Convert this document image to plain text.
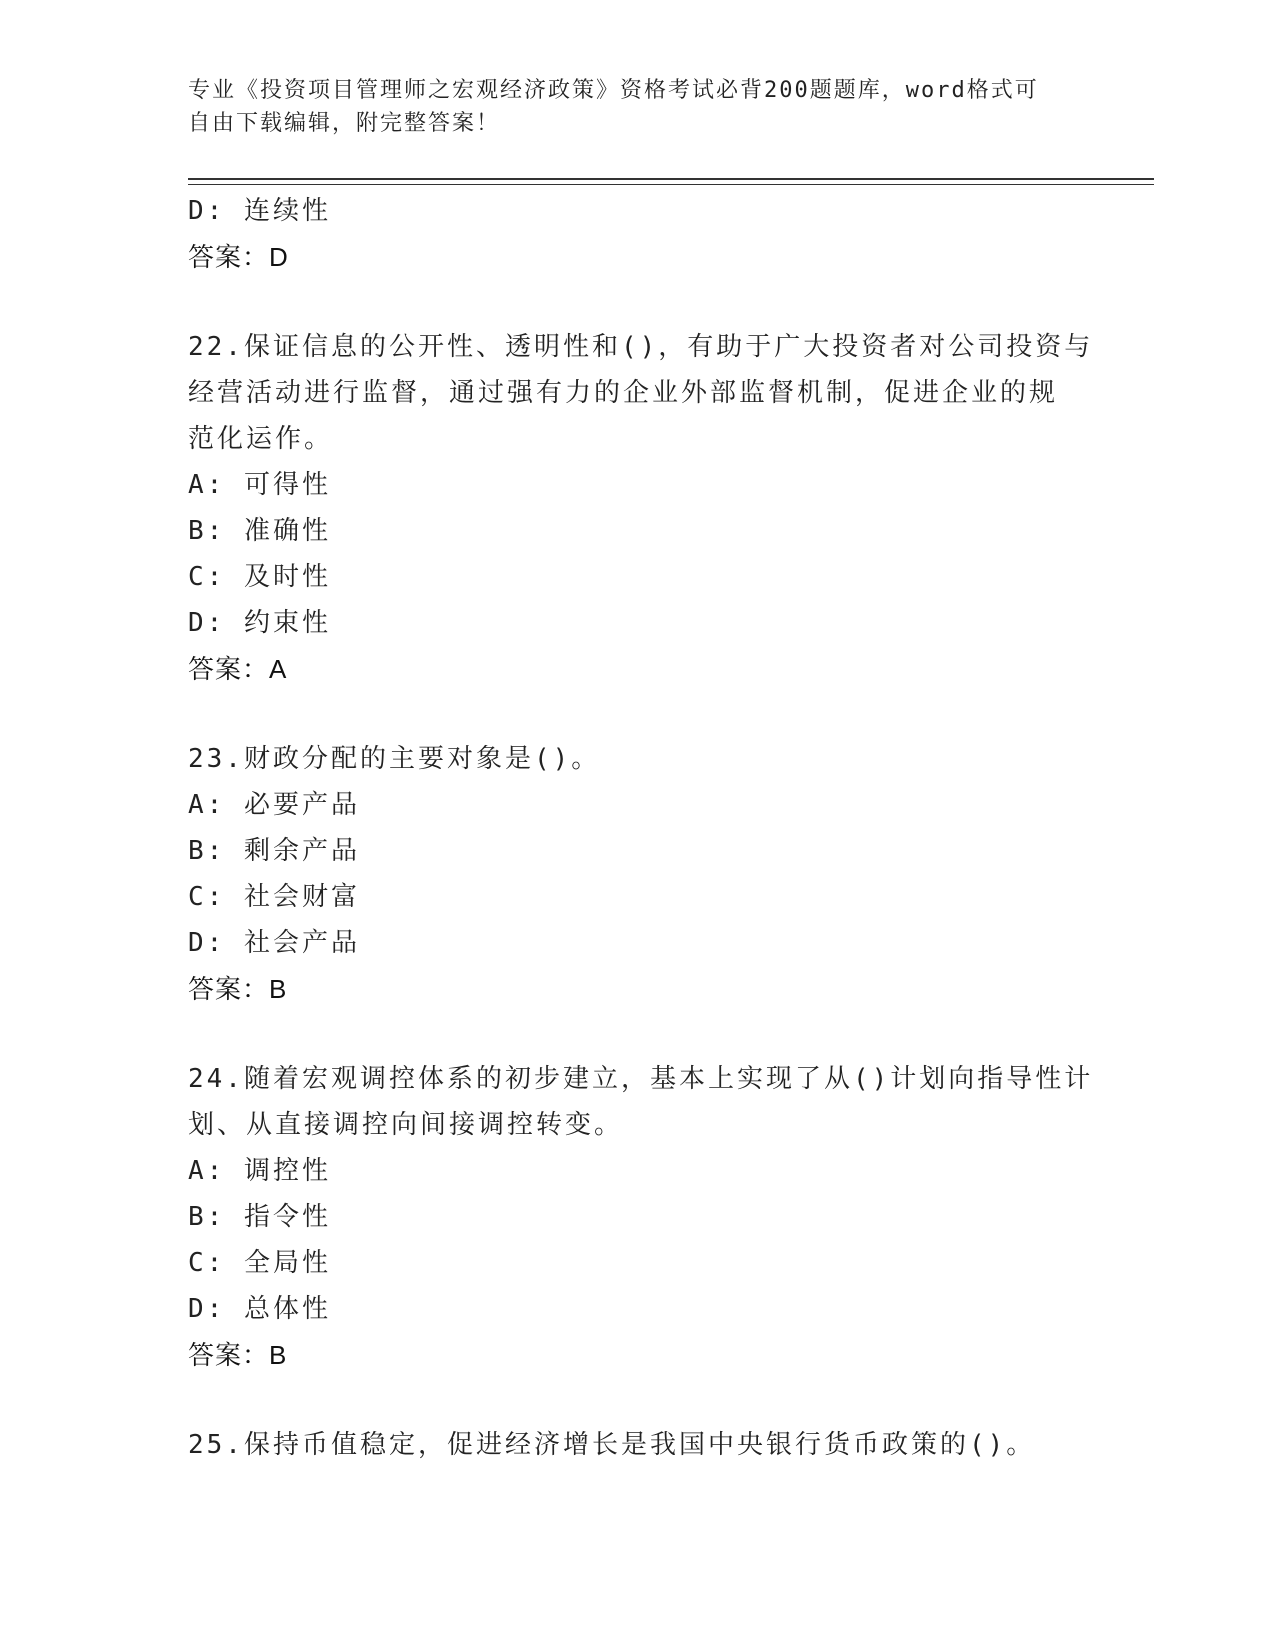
专业《投资项目管理师之宏观经济政策》资格考试必背200题题库，word格式可
自由下载编辑，附完整答案！
D: 连续性
答案：D
22.保证信息的公开性、透明性和()，有助于广大投资者对公司投资与
经营活动进行监督，通过强有力的企业外部监督机制，促进企业的规
范化运作。
A: 可得性
B: 准确性
C: 及时性
D: 约束性
答案：A
23.财政分配的主要对象是()。
A: 必要产品
B: 剩余产品
C: 社会财富
D: 社会产品
答案：B
24.随着宏观调控体系的初步建立，基本上实现了从()计划向指导性计
划、从直接调控向间接调控转变。
A: 调控性
B: 指令性
C: 全局性
D: 总体性
答案：B
25.保持币值稳定，促进经济增长是我国中央银行货币政策的()。
